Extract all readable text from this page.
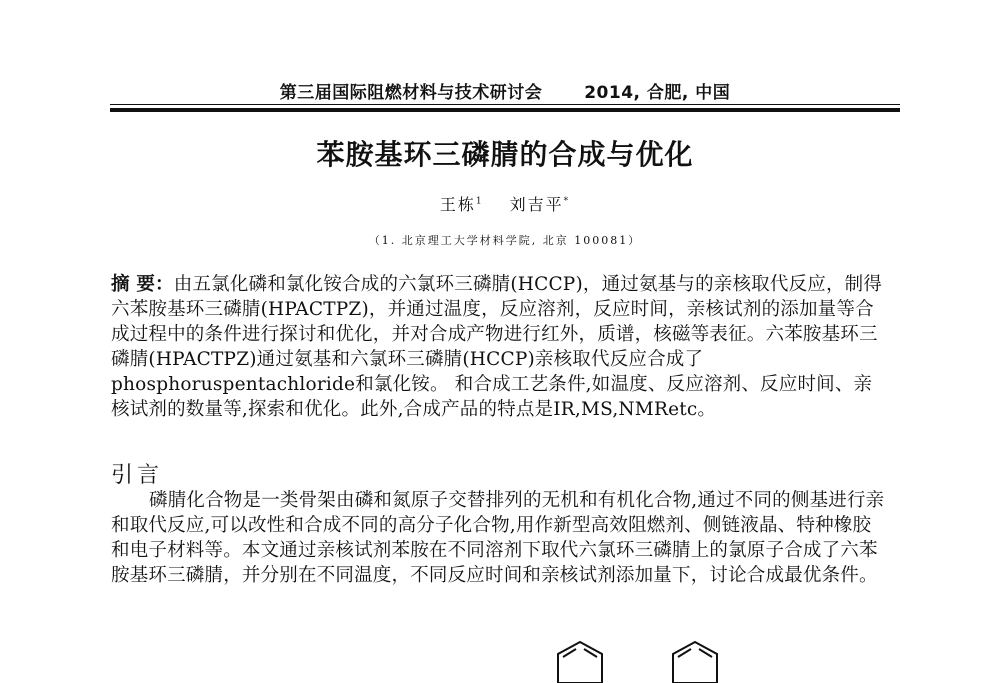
第三届国际阻燃材料与技术研讨会 2014, 合肥, 中国
苯胺基环三磷腈的合成与优化
王栋$^1$ 刘吉平*
（1. 北京理工大学材料学院, 北京 100081）
摘 要：由五氯化磷和氯化铵合成的六氯环三磷腈(HCCP)，通过氨基与的亲核取代反应，制得六苯胺基环三磷腈(HPACTPZ)，并通过温度，反应溶剂，反应时间，亲核试剂的添加量等合成过程中的条件进行探讨和优化，并对合成产物进行红外，质谱，核磁等表征。六苯胺基环三磷腈(HPACTPZ)通过氨基和六氯环三磷腈(HCCP)亲核取代反应合成了phosphoruspentachloride和氯化铵。 和合成工艺条件,如温度、反应溶剂、反应时间、亲核试剂的数量等,探索和优化。此外,合成产品的特点是IR,MS,NMRetc。
引言
磷腈化合物是一类骨架由磷和氮原子交替排列的无机和有机化合物,通过不同的侧基进行亲和取代反应,可以改性和合成不同的高分子化合物,用作新型高效阻燃剂、侧链液晶、特种橡胶和电子材料等。本文通过亲核试剂苯胺在不同溶剂下取代六氯环三磷腈上的氯原子合成了六苯胺基环三磷腈，并分别在不同温度，不同反应时间和亲核试剂添加量下，讨论合成最优条件。
